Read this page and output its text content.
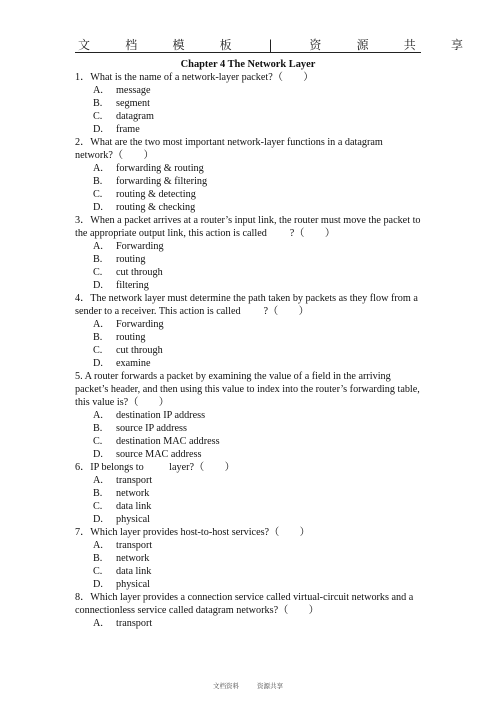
文 档 模 板 | 资 源 共 享
Chapter 4 The Network Layer
1．What is the name of a network-layer packet?（　　）
A.	message
B.	segment
C.	datagram
D.	frame
2．What are the two most important network-layer functions in a datagram network?（　　）
A.	forwarding & routing
B.	forwarding & filtering
C.	routing & detecting
D.	routing & checking
3．When a packet arrives at a router’s input link, the router must move the packet to the appropriate output link, this action is called 　　?（　　）
A.	Forwarding
B.	routing
C.	cut through
D.	filtering
4．The network layer must determine the path taken by packets as they flow from a sender to a receiver. This action is called 　　?（　　）
A.	Forwarding
B.	routing
C.	cut through
D.	examine
5. A router forwards a packet by examining the value of a field in the arriving packet’s header, and then using this value to index into the router’s forwarding table, this value is?（　　）
A.	destination IP address
B.	source IP address
C.	destination MAC address
D.	source MAC address
6．IP belongs to 　　 layer?（　　）
A.	transport
B.	network
C.	data link
D.	physical
7．Which layer provides host-to-host services?（　　）
A.	transport
B.	network
C.	data link
D.	physical
8．Which layer provides a connection service called virtual-circuit networks and a connectionless service called datagram networks?（　　）
A.	transport
文档资料	资源共享
